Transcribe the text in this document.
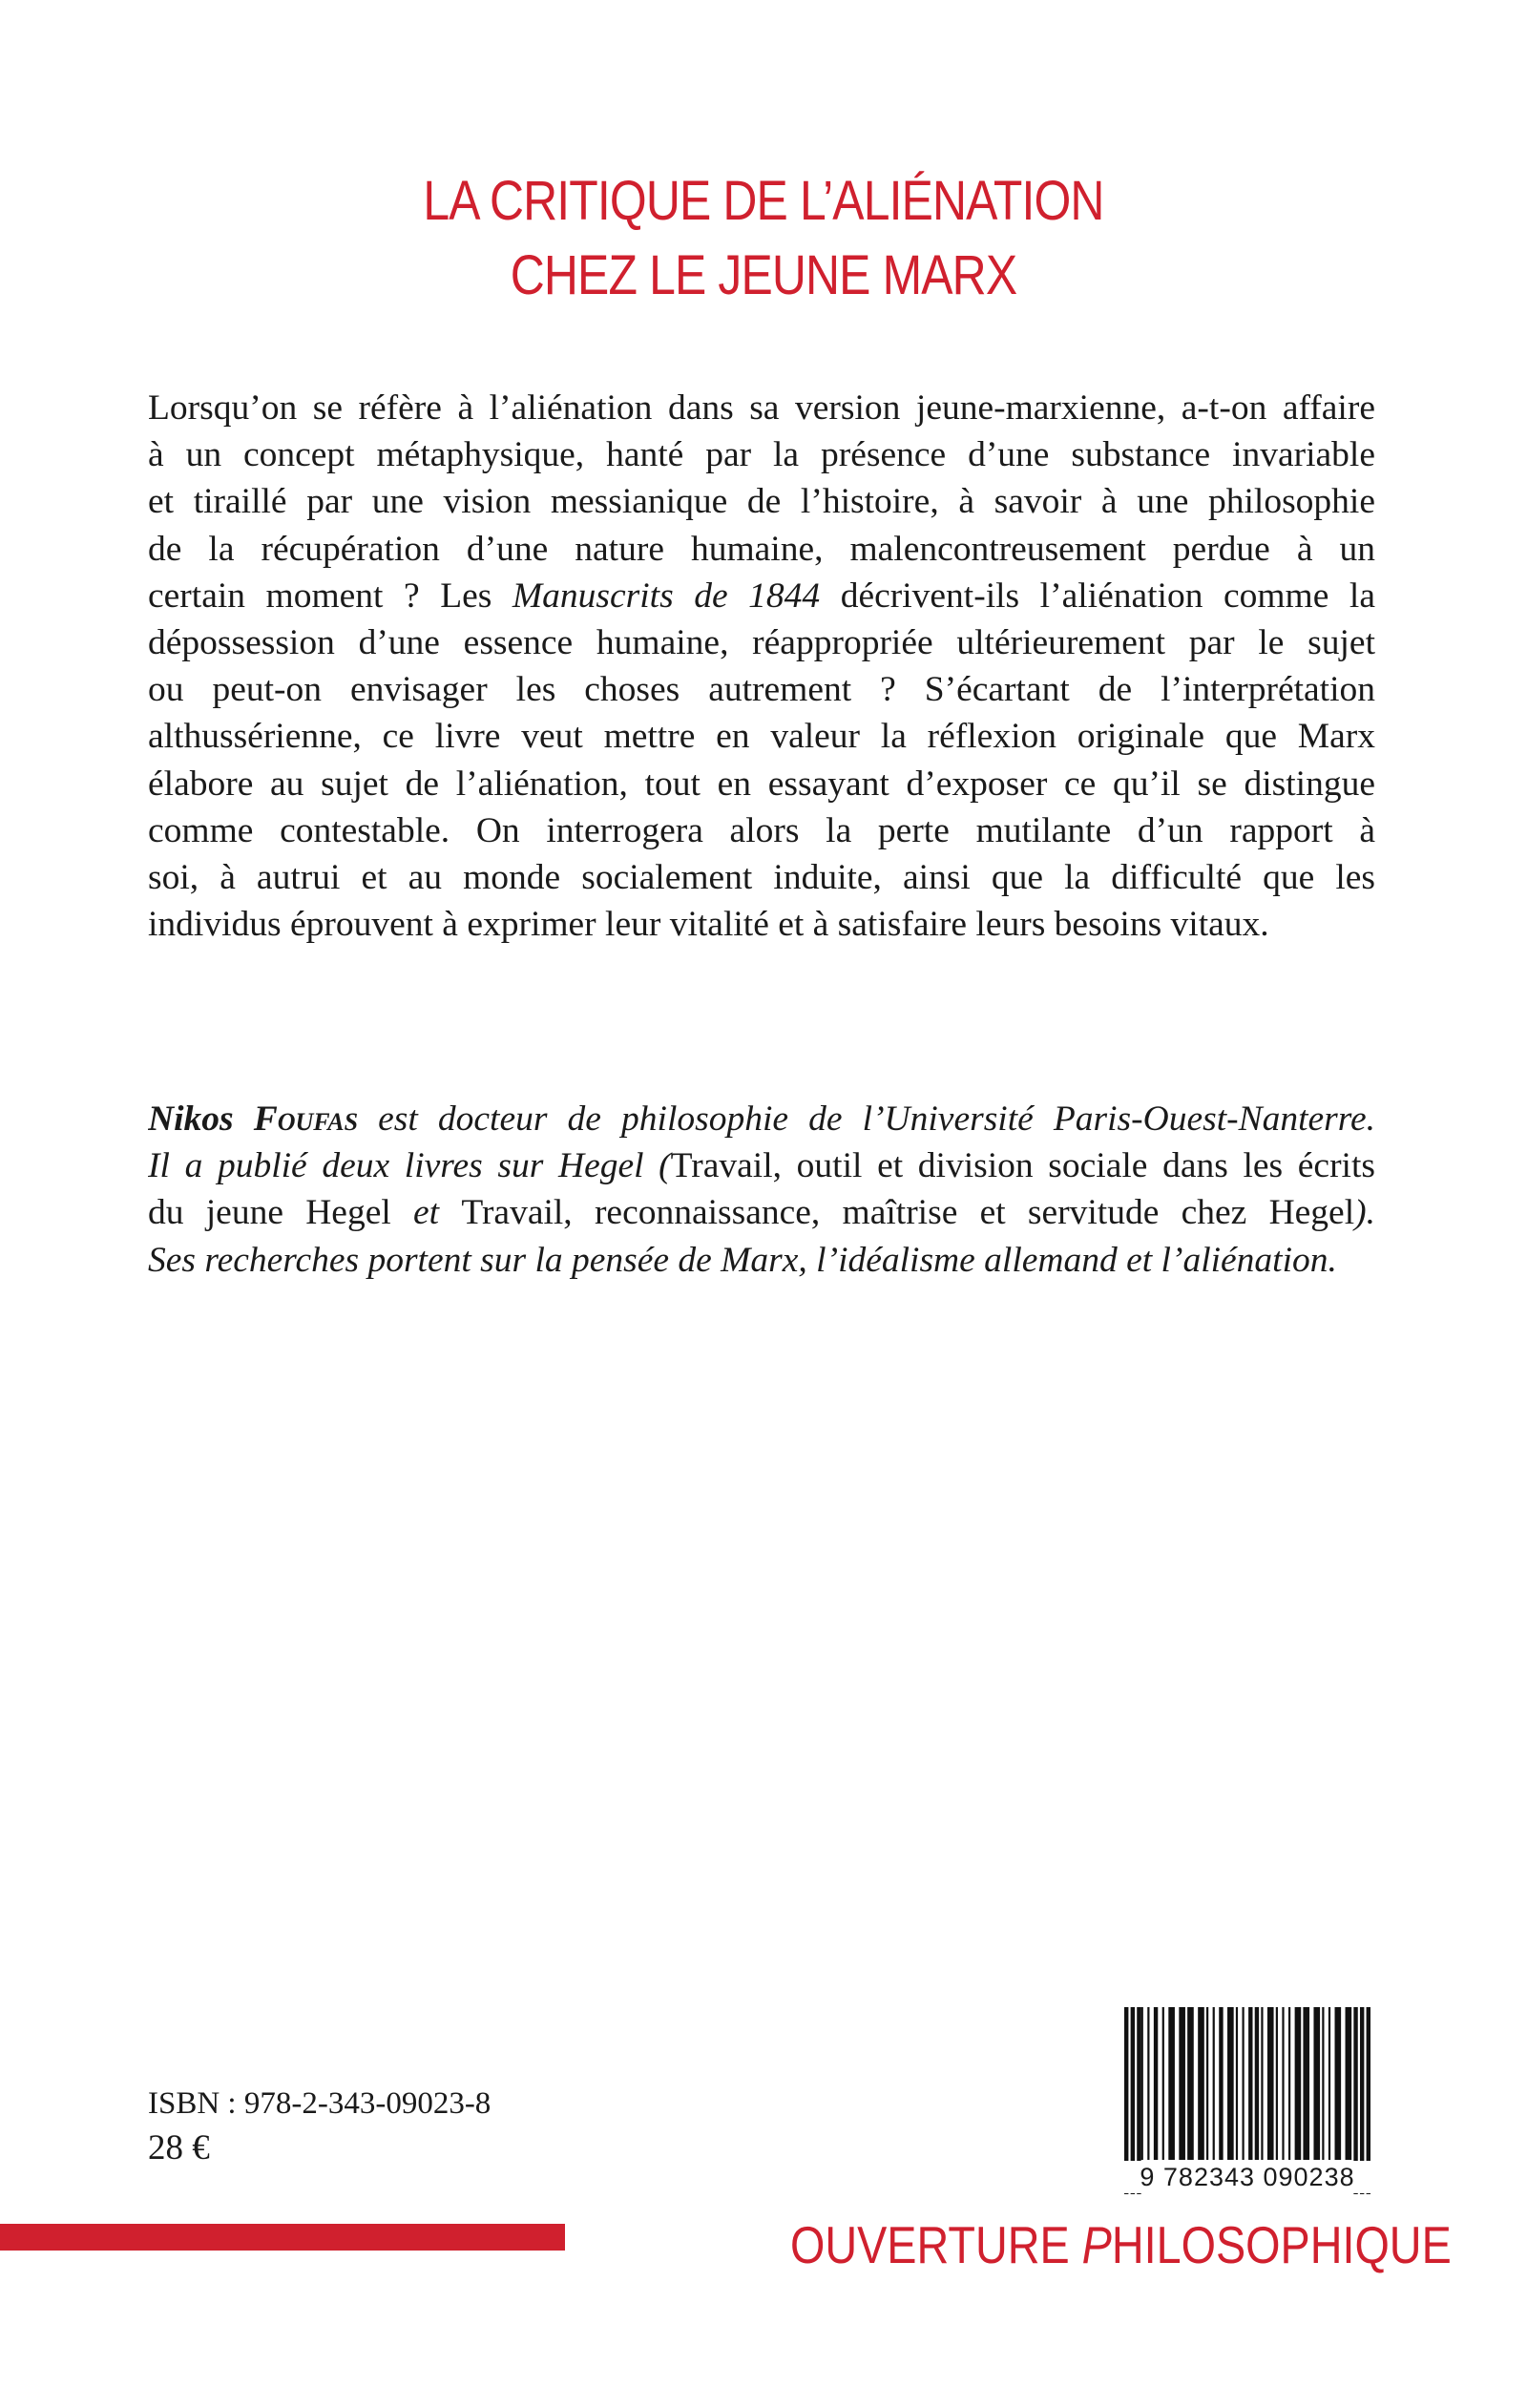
LA CRITIQUE DE L’ALIÉNATION
CHEZ LE JEUNE MARX
Lorsqu’on se réfère à l’aliénation dans sa version jeune-marxienne, a-t-on affaire
à un concept métaphysique, hanté par la présence d’une substance invariable
et tiraillé par une vision messianique de l’histoire, à savoir à une philosophie
de la récupération d’une nature humaine, malencontreusement perdue à un
certain moment ? Les Manuscrits de 1844 décrivent-ils l’aliénation comme la
dépossession d’une essence humaine, réappropriée ultérieurement par le sujet
ou peut-on envisager les choses autrement ? S’écartant de l’interprétation
althussérienne, ce livre veut mettre en valeur la réflexion originale que Marx
élabore au sujet de l’aliénation, tout en essayant d’exposer ce qu’il se distingue
comme contestable. On interrogera alors la perte mutilante d’un rapport à
soi, à autrui et au monde socialement induite, ainsi que la difficulté que les
individus éprouvent à exprimer leur vitalité et à satisfaire leurs besoins vitaux.
Nikos Foufas est docteur de philosophie de l’Université Paris-Ouest-Nanterre.
Il a publié deux livres sur Hegel (Travail, outil et division sociale dans les écrits
du jeune Hegel et Travail, reconnaissance, maîtrise et servitude chez Hegel).
Ses recherches portent sur la pensée de Marx, l’idéalisme allemand et l’aliénation.
ISBN : 978-2-343-09023-8
28 €
9 782343 090238
OUVERTURE PHILOSOPHIQUE
